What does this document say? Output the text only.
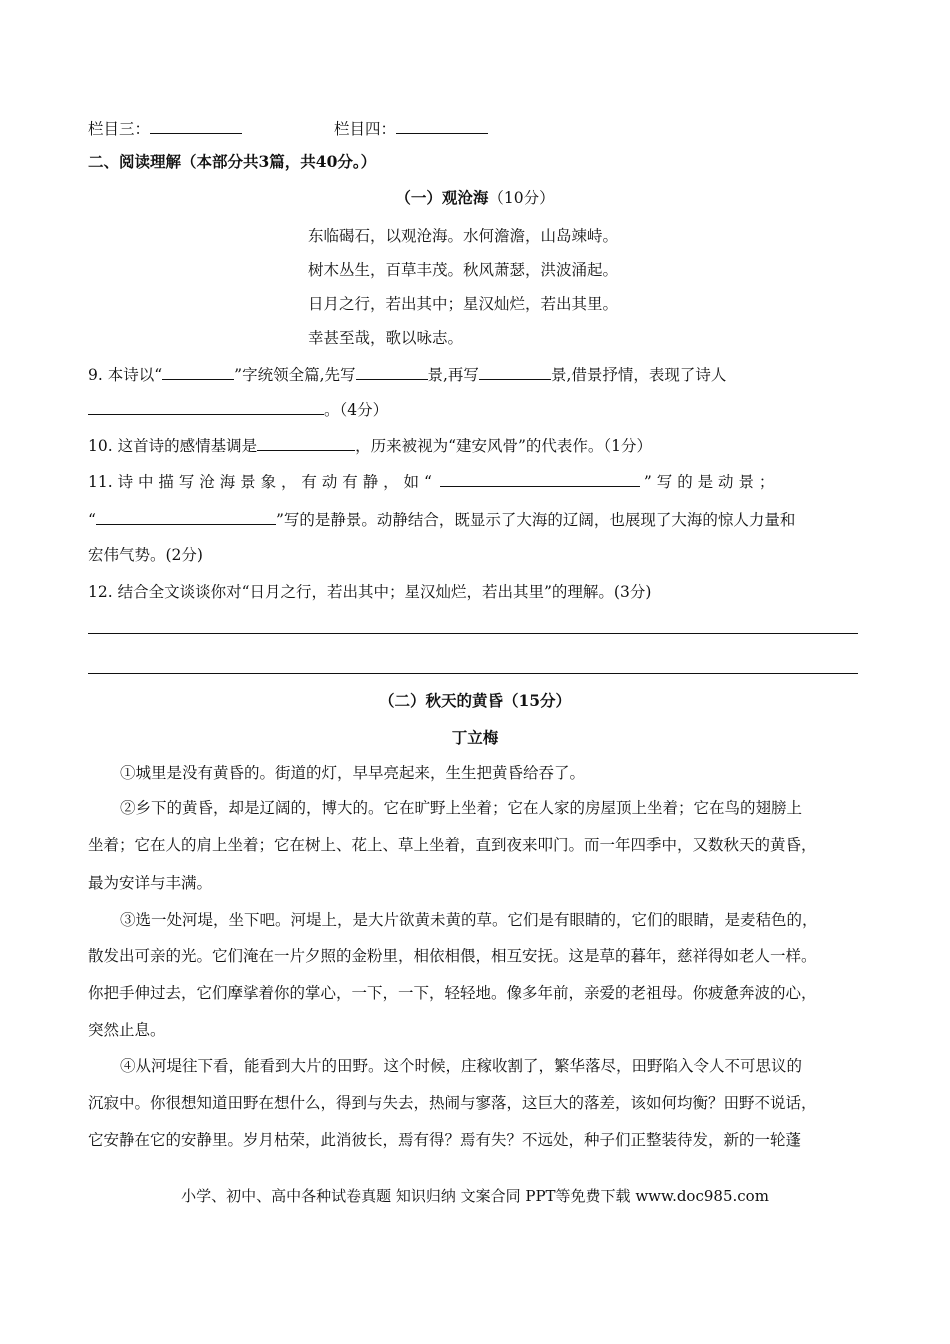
栏目三：	栏目四：
二、阅读理解（本部分共3篇，共40分。）
（一）观沧海（10分）
东临碣石，以观沧海。水何澹澹，山岛竦峙。
树木丛生，百草丰茂。秋风萧瑟，洪波涌起。
日月之行，若出其中；星汉灿烂，若出其里。
幸甚至哉，歌以咏志。
9. 本诗以“	”字统领全篇,先写	景,再写	景,借景抒情，表现了诗人
。（4分）
10. 这首诗的感情基调是	，历来被视为“建安风骨”的代表作。（1分）
11. 诗 中 描 写 沧 海 景 象 ， 有 动 有 静 ， 如 “	” 写 的 是 动 景 ；
“	”写的是静景。动静结合，既显示了大海的辽阔，也展现了大海的惊人力量和
宏伟气势。(2分)
12. 结合全文谈谈你对“日月之行，若出其中；星汉灿烂，若出其里”的理解。(3分)
（二）秋天的黄昏（15分）
丁立梅
①城里是没有黄昏的。街道的灯，早早亮起来，生生把黄昏给吞了。
②乡下的黄昏，却是辽阔的，博大的。它在旷野上坐着；它在人家的房屋顶上坐着；它在鸟的翅膀上
坐着；它在人的肩上坐着；它在树上、花上、草上坐着，直到夜来叩门。而一年四季中，又数秋天的黄昏，
最为安详与丰满。
③选一处河堤，坐下吧。河堤上，是大片欲黄未黄的草。它们是有眼睛的，它们的眼睛，是麦秸色的，
散发出可亲的光。它们淹在一片夕照的金粉里，相依相偎，相互安抚。这是草的暮年，慈祥得如老人一样。
你把手伸过去，它们摩挲着你的掌心，一下，一下，轻轻地。像多年前，亲爱的老祖母。你疲惫奔波的心，
突然止息。
④从河堤往下看，能看到大片的田野。这个时候，庄稼收割了，繁华落尽，田野陷入令人不可思议的
沉寂中。你很想知道田野在想什么，得到与失去，热闹与寥落，这巨大的落差，该如何均衡？田野不说话，
它安静在它的安静里。岁月枯荣，此消彼长，焉有得？焉有失？不远处，种子们正整装待发，新的一轮蓬
小学、初中、高中各种试卷真题 知识归纳 文案合同 PPT等免费下载 www.doc985.com
